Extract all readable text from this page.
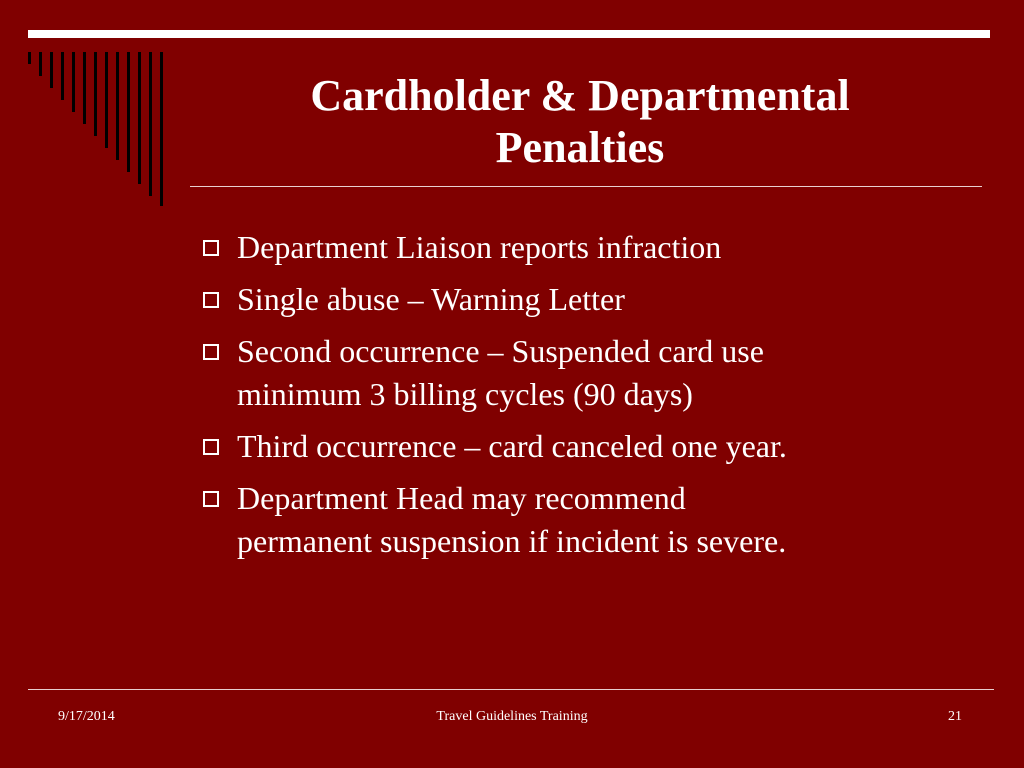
Cardholder & Departmental
Penalties
Department Liaison reports infraction
Single abuse – Warning Letter
Second occurrence – Suspended card use
minimum 3 billing cycles (90 days)
Third occurrence – card canceled one year.
Department Head may recommend
permanent suspension if incident is severe.
9/17/2014	Travel Guidelines Training	21
